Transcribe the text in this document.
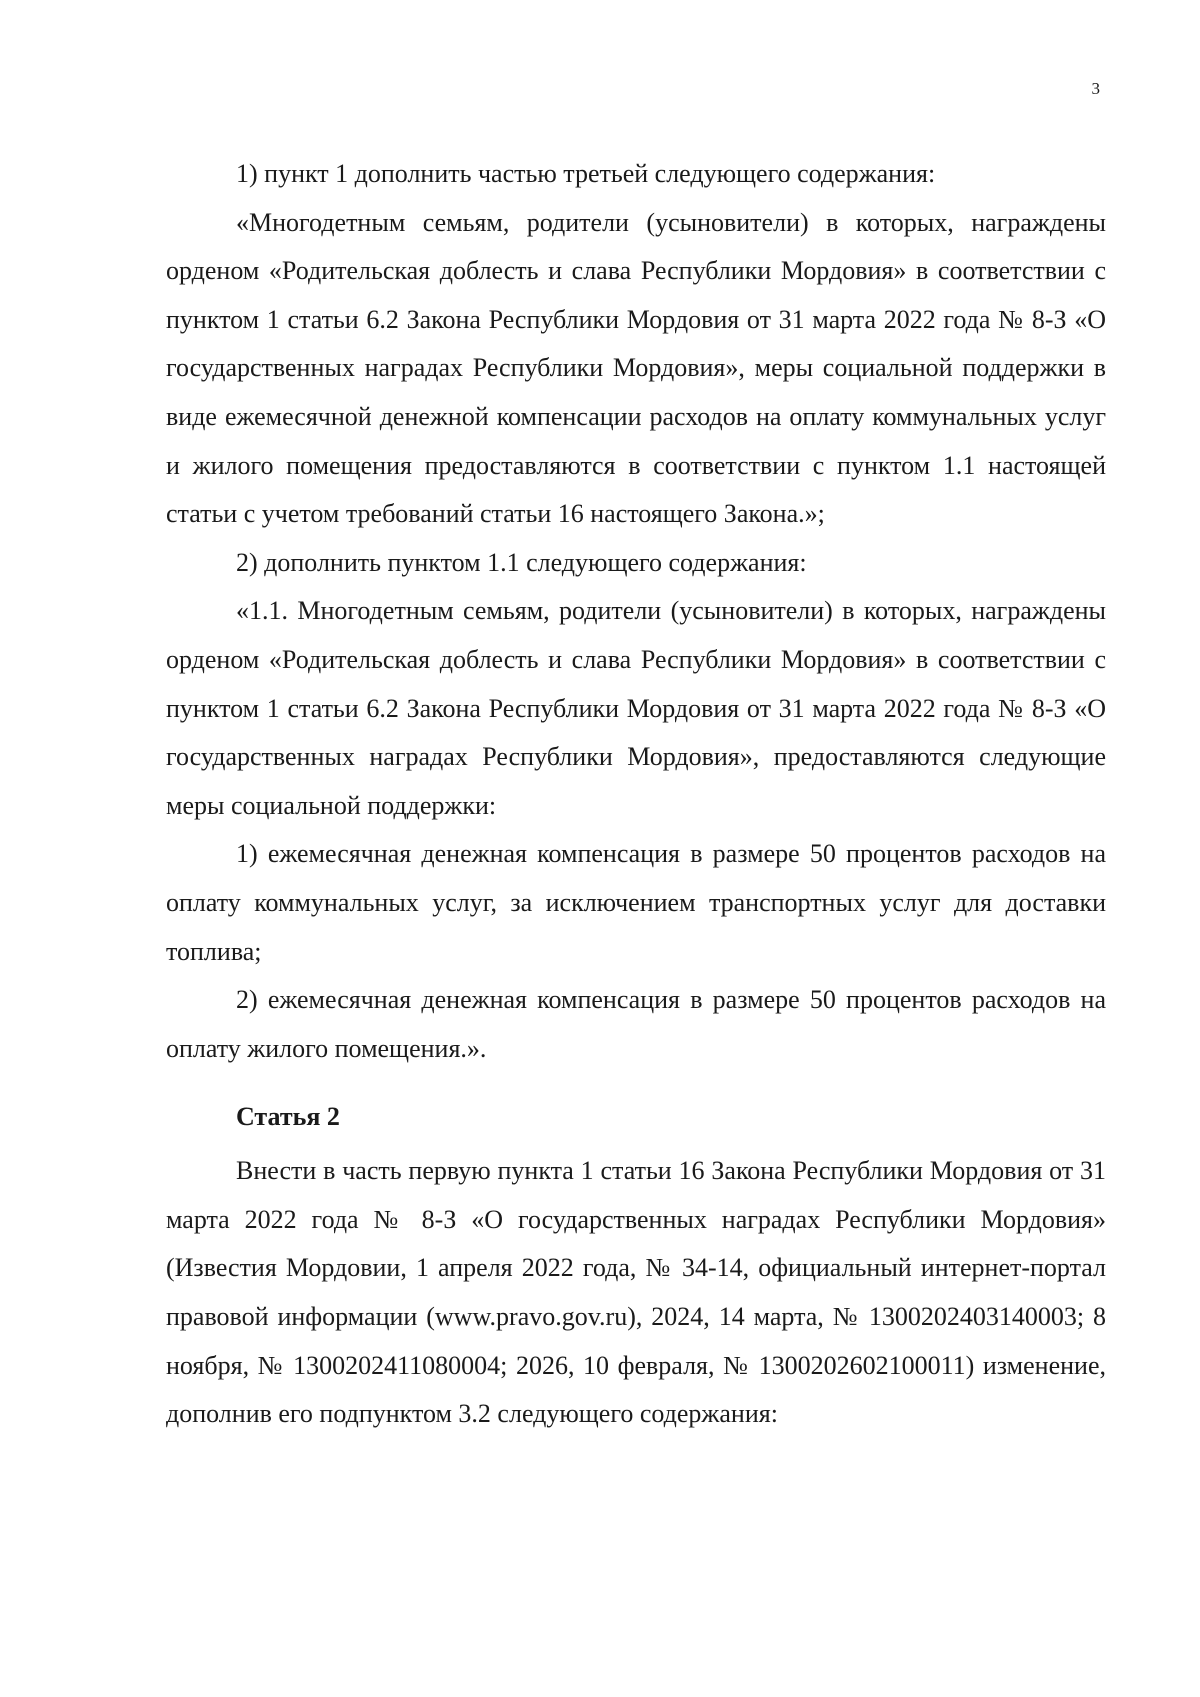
3

1) пункт 1 дополнить частью третьей следующего содержания:

«Многодетным семьям, родители (усыновители) в которых, награждены орденом «Родительская доблесть и слава Республики Мордовия» в соответствии с пунктом 1 статьи 6.2 Закона Республики Мордовия от 31 марта 2022 года № 8-З «О государственных наградах Республики Мордовия», меры социальной поддержки в виде ежемесячной денежной компенсации расходов на оплату коммунальных услуг и жилого помещения предоставляются в соответствии с пунктом 1.1 настоящей статьи с учетом требований статьи 16 настоящего Закона.»;

2) дополнить пунктом 1.1 следующего содержания:

«1.1. Многодетным семьям, родители (усыновители) в которых, награждены орденом «Родительская доблесть и слава Республики Мордовия» в соответствии с пунктом 1 статьи 6.2 Закона Республики Мордовия от 31 марта 2022 года № 8-З «О государственных наградах Республики Мордовия», предоставляются следующие меры социальной поддержки:

1) ежемесячная денежная компенсация в размере 50 процентов расходов на оплату коммунальных услуг, за исключением транспортных услуг для доставки топлива;

2) ежемесячная денежная компенсация в размере 50 процентов расходов на оплату жилого помещения.».

Статья 2

Внести в часть первую пункта 1 статьи 16 Закона Республики Мордовия от 31 марта 2022 года № 8-З «О государственных наградах Республики Мордовия» (Известия Мордовии, 1 апреля 2022 года, № 34-14, официальный интернет-портал правовой информации (www.pravo.gov.ru), 2024, 14 марта, № 1300202403140003; 8 ноября, № 1300202411080004; 2026, 10 февраля, № 1300202602100011) изменение, дополнив его подпунктом 3.2 следующего содержания:
